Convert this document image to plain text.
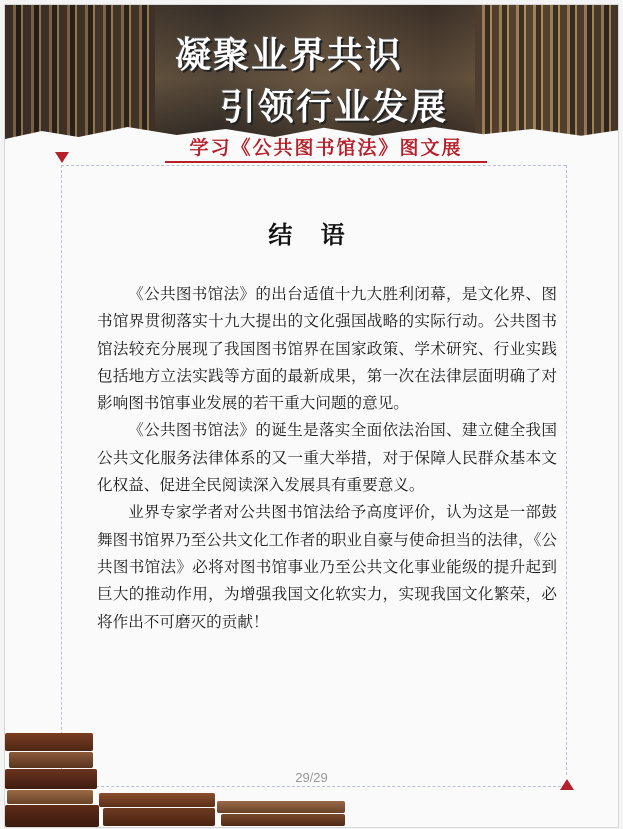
凝聚业界共识
引领行业发展
学习《公共图书馆法》图文展
结 语

《公共图书馆法》的出台适值十九大胜利闭幕，是文化界、图书馆界贯彻落实十九大提出的文化强国战略的实际行动。公共图书馆法较充分展现了我国图书馆界在国家政策、学术研究、行业实践包括地方立法实践等方面的最新成果，第一次在法律层面明确了对影响图书馆事业发展的若干重大问题的意见。

《公共图书馆法》的诞生是落实全面依法治国、建立健全我国公共文化服务法律体系的又一重大举措，对于保障人民群众基本文化权益、促进全民阅读深入发展具有重要意义。

业界专家学者对公共图书馆法给予高度评价，认为这是一部鼓舞图书馆界乃至公共文化工作者的职业自豪与使命担当的法律，《公共图书馆法》必将对图书馆事业乃至公共文化事业能级的提升起到巨大的推动作用，为增强我国文化软实力，实现我国文化繁荣，必将作出不可磨灭的贡献！

29/29
